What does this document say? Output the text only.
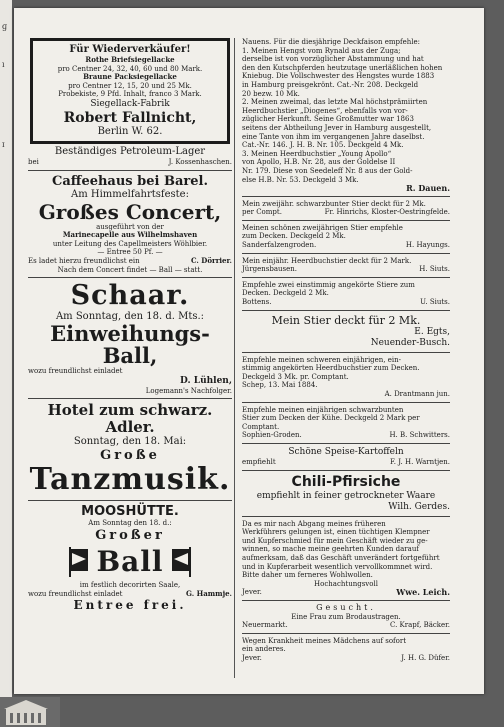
ɡ
ı
ɪ
Für Wiederverkäufer!
Rothe Briefsiegellacke
pro Centner 24, 32, 40, 60 und 80 Mark.
Braune Packsiegellacke
pro Centner 12, 15, 20 und 25 Mk.
Probekiste, 9 Pfd. Inhalt, franco 3 Mark.
Siegellack-Fabrik
Robert Fallnicht,
Berlin W. 62.
Beständiges Petroleum-Lager
bei	J. Kossenhaschen.
Caffeehaus bei Barel.
Am Himmelfahrtsfeste:
Großes Concert,
ausgeführt von der
Marinecapelle aus Wilhelmshaven
unter Leitung des Capellmeisters Wöhlbier.
— Entree 50 Pf. —
Es ladet hierzu freundlichst ein	C. Dörrier.
Nach dem Concert findet — Ball — statt.
Schaar.
Am Sonntag, den 18. d. Mts.:
Einweihungs-Ball,
wozu freundlichst einladet
D. Lühlen,
Logemann's Nachfolger.
Hotel zum schwarz. Adler.
Sonntag, den 18. Mai:
Große
Tanzmusik.
MOOSHÜTTE.
Am Sonntag den 18. d.:
Großer
Ball
im festlich decorirten Saale,
wozu freundlichst einladet	G. Hammje.
Entree frei.
Nauens. Für die diesjährige Deckfaison empfehle:
1. Meinen Hengst vom Rynald aus der Zuga;
derselbe ist von vorzüglicher Abstammung und hat
den den Kutschpferden heutzutage unerläßlichen hohen
Kniebug. Die Vollschwester des Hengstes wurde 1883
in Hamburg preisgekrönt. Cat.-Nr. 208. Deckgeld
20 bezw. 10 Mk.
2. Meinen zweimal, das letzte Mal höchstprämiirten
Heerdbuchstier „Diogenes“, ebenfalls von vor-
züglicher Herkunft. Seine Großmutter war 1863
seitens der Abtheilung Jever in Hamburg ausgestellt,
eine Tante von ihm im vergangenen Jahre daselbst.
Cat.-Nr. 146. J. H. B. Nr. 105. Deckgeld 4 Mk.
3. Meinen Heerdbuchstier „Young Apollo“
von Apollo, H.B. Nr. 28, aus der Goldelse II
Nr. 179. Diese von Seedeleff Nr. 8 aus der Gold-
else H.B. Nr. 53. Deckgeld 3 Mk.
R. Dauen.
Mein zweijähr. schwarzbunter Stier deckt für 2 Mk.
per Compt.	Fr. Hinrichs, Kloster-Oestringfelde.
Meinen schönen zweijährigen Stier empfehle
zum Decken. Deckgeld 2 Mk.
Sanderfalzengroden.	H. Hayungs.
Mein einjähr. Heerdbuchstier deckt für 2 Mark.
Jürgensbausen.	H. Siuts.
Empfehle zwei einstimmig angekörte Stiere zum
Decken. Deckgeld 2 Mk.
Bottens.	U. Siuts.
Mein Stier deckt für 2 Mk.
E. Egts,
Neuender-Busch.
Empfehle meinen schweren einjährigen, ein-
stimmig angekörten Heerdbuchstier zum Decken.
Deckgeld 3 Mk. pr. Comptant.
Schep, 13. Mai 1884.
A. Drantmann jun.
Empfehle meinen einjährigen schwarzbunten
Stier zum Decken der Kühe. Deckgeld 2 Mark per
Comptant.
Sophien-Groden.	H. B. Schwitters.
Schöne Speise-Kartoffeln
empfiehlt	F. J. H. Warntjen.
Chili-Pfirsiche
empfiehlt in feiner getrockneter Waare
Wilh. Gerdes.
Da es mir nach Abgang meines früheren
Werkführers gelungen ist, einen tüchtigen Klempner
und Kupferschmied für mein Geschäft wieder zu ge-
winnen, so mache meine geehrten Kunden darauf
aufmerksam, daß das Geschäft unverändert fortgeführt
und in Kupferarbeit wesentlich vervollkommnet wird.
Bitte daher um ferneres Wohlwollen.
Hochachtungsvoll
Jever.	Wwe. Leich.
Gesucht.
Eine Frau zum Brodaustragen.
Neuermarkt.	C. Krapf, Bäcker.
Wegen Krankheit meines Mädchens auf sofort
ein anderes.
Jever.	J. H. G. Düfer.
